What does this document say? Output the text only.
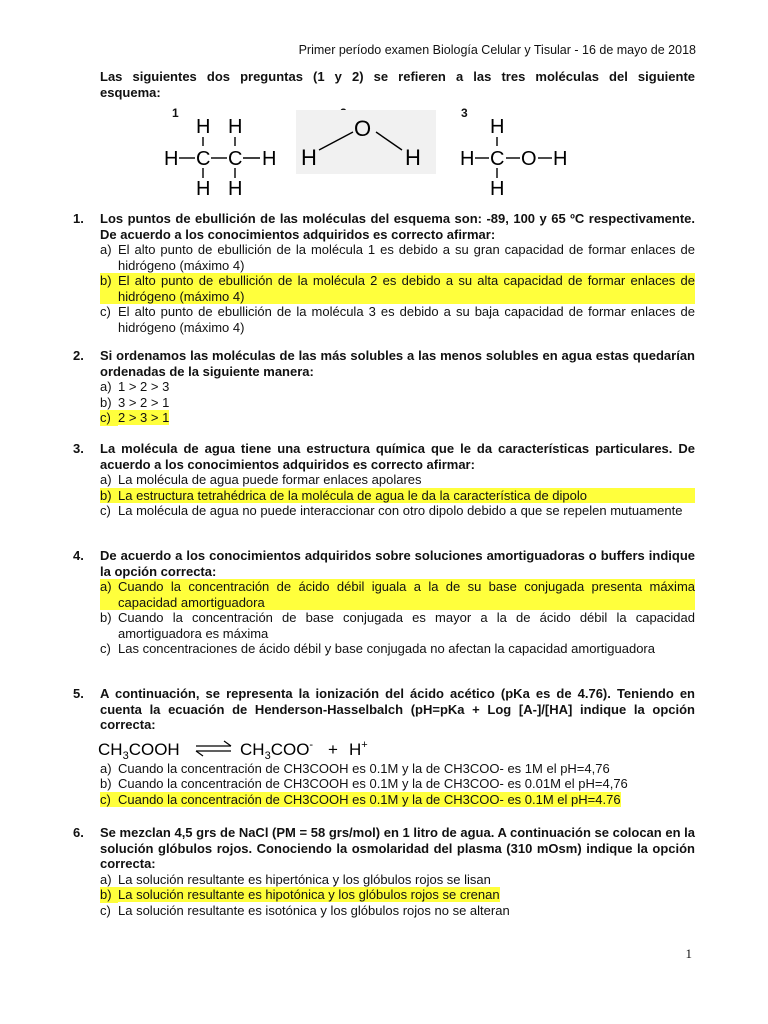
Primer período examen Biología Celular y Tisular - 16 de mayo de 2018
Las siguientes dos preguntas (1 y 2) se refieren a las tres moléculas del siguiente
esquema:
1	3
H H
H C C H
H H
O
H	H
H
H C O H
H
1. Los puntos de ebullición de las moléculas del esquema son: -89, 100 y 65 ºC respectivamente. De acuerdo a los conocimientos adquiridos es correcto afirmar:
a) El alto punto de ebullición de la molécula 1 es debido a su gran capacidad de formar enlaces de hidrógeno (máximo 4)
b) El alto punto de ebullición de la molécula 2 es debido a su alta capacidad de formar enlaces de hidrógeno (máximo 4)
c) El alto punto de ebullición de la molécula 3 es debido a su baja capacidad de formar enlaces de hidrógeno (máximo 4)
2. Si ordenamos las moléculas de las más solubles a las menos solubles en agua estas quedarían ordenadas de la siguiente manera:
a) 1 > 2 > 3
b) 3 > 2 > 1
c) 2 > 3 > 1
3. La molécula de agua tiene una estructura química que le da características particulares. De acuerdo a los conocimientos adquiridos es correcto afirmar:
a) La molécula de agua puede formar enlaces apolares
b) La estructura tetrahédrica de la molécula de agua le da la característica de dipolo
c) La molécula de agua no puede interaccionar con otro dipolo debido a que se repelen mutuamente
4. De acuerdo a los conocimientos adquiridos sobre soluciones amortiguadoras o buffers indique la opción correcta:
a) Cuando la concentración de ácido débil iguala a la de su base conjugada presenta máxima capacidad amortiguadora
b) Cuando la concentración de base conjugada es mayor a la de ácido débil la capacidad amortiguadora es máxima
c) Las concentraciones de ácido débil y base conjugada no afectan la capacidad amortiguadora
5. A continuación, se representa la ionización del ácido acético (pKa es de 4.76). Teniendo en cuenta la ecuación de Henderson-Hasselbalch (pH=pKa + Log [A-]/[HA] indique la opción correcta:
$CH_3COOH$	$CH_3COO^- + H^+$
a) Cuando la concentración de CH3COOH es 0.1M y la de CH3COO- es 1M el pH=4,76
b) Cuando la concentración de CH3COOH es 0.1M y la de CH3COO- es 0.01M el pH=4,76
c) Cuando la concentración de CH3COOH es 0.1M y la de CH3COO- es 0.1M el pH=4.76
6. Se mezclan 4,5 grs de NaCl (PM = 58 grs/mol) en 1 litro de agua. A continuación se colocan en la solución glóbulos rojos. Conociendo la osmolaridad del plasma (310 mOsm) indique la opción correcta:
a) La solución resultante es hipertónica y los glóbulos rojos se lisan
b) La solución resultante es hipotónica y los glóbulos rojos se crenan
c) La solución resultante es isotónica y los glóbulos rojos no se alteran
1
